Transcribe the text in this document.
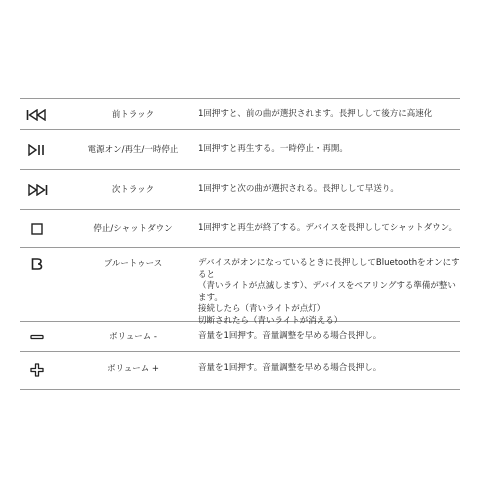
前トラック	1回押すと、前の曲が選択されます。長押しして後方に高速化
電源オン/再生/一時停止	1回押すと再生する。一時停止・再開。
次トラック	1回押すと次の曲が選択される。長押しして早送り。
停止/シャットダウン	1回押すと再生が終了する。デバイスを長押ししてシャットダウン。
ブルートゥース	デバイスがオンになっているときに長押ししてBluetoothをオンにすると
（青いライトが点滅します）、デバイスをペアリングする準備が整います。
接続したら（青いライトが点灯）
切断されたら（青いライトが消える）
ボリューム -	音量を1回押す。音量調整を早める場合長押し。
ボリューム +	音量を1回押す。音量調整を早める場合長押し。
